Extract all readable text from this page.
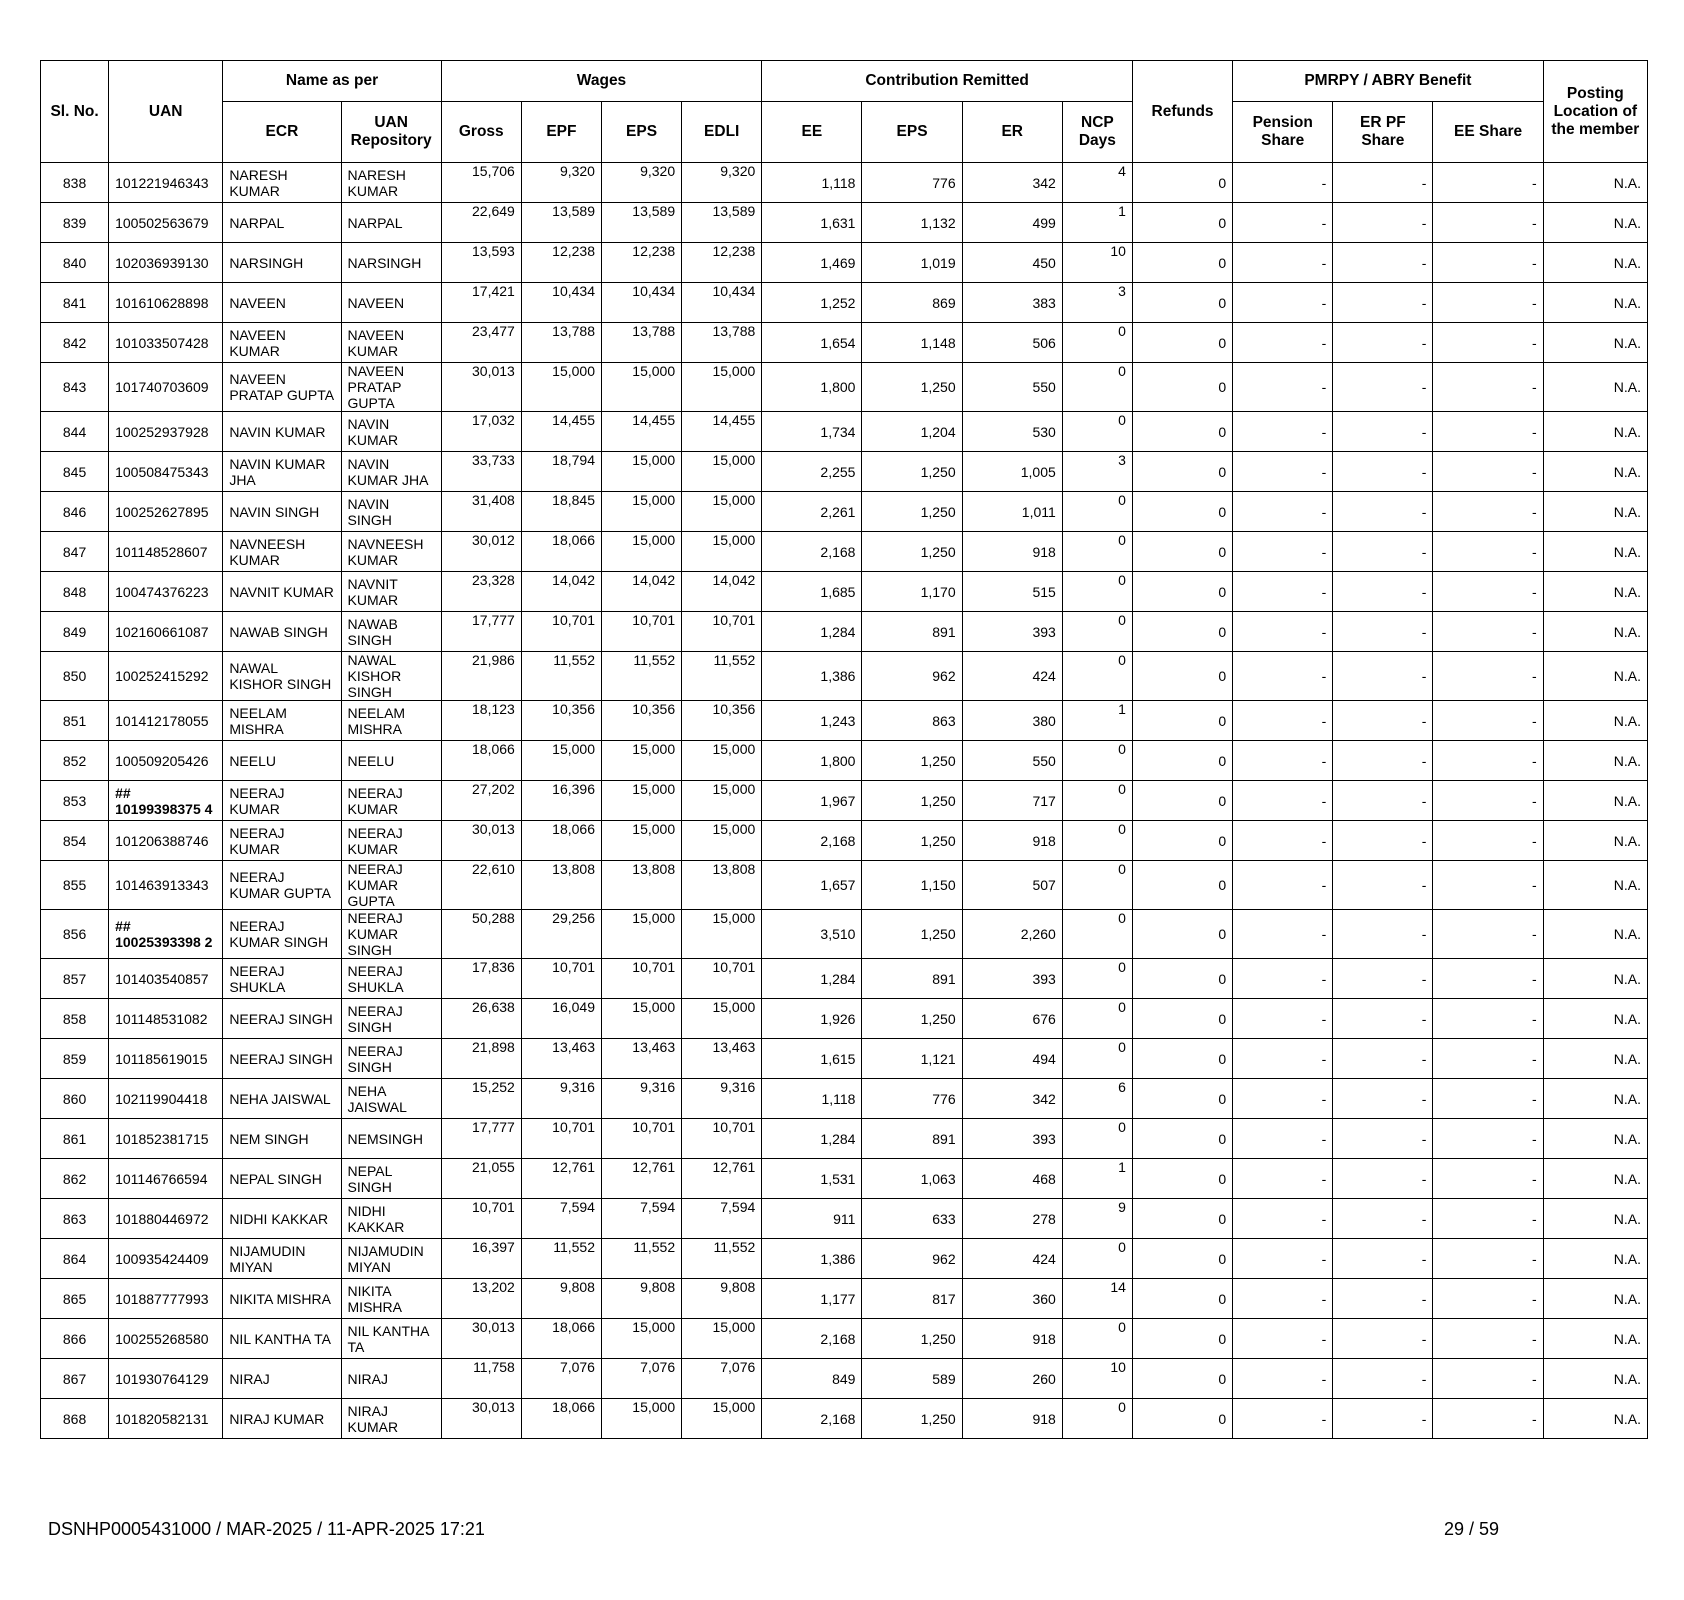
Sl. No.	UAN	Name as per		Wages				Contribution Remitted				Refunds	PMRPY / ABRY Benefit			Posting Location of the member
		ECR	UAN Repository	Gross	EPF	EPS	EDLI	EE	EPS	ER	NCP Days		Pension Share	ER PF Share	EE Share	
838	101221946343	NARESH KUMAR	NARESH KUMAR	15,706	9,320	9,320	9,320	1,118	776	342	4	0	-	-	-	N.A.
839	100502563679	NARPAL	NARPAL	22,649	13,589	13,589	13,589	1,631	1,132	499	1	0	-	-	-	N.A.
840	102036939130	NARSINGH	NARSINGH	13,593	12,238	12,238	12,238	1,469	1,019	450	10	0	-	-	-	N.A.
841	101610628898	NAVEEN	NAVEEN	17,421	10,434	10,434	10,434	1,252	869	383	3	0	-	-	-	N.A.
842	101033507428	NAVEEN KUMAR	NAVEEN KUMAR	23,477	13,788	13,788	13,788	1,654	1,148	506	0	0	-	-	-	N.A.
843	101740703609	NAVEEN PRATAP GUPTA	NAVEEN PRATAP GUPTA	30,013	15,000	15,000	15,000	1,800	1,250	550	0	0	-	-	-	N.A.
844	100252937928	NAVIN KUMAR	NAVIN KUMAR	17,032	14,455	14,455	14,455	1,734	1,204	530	0	0	-	-	-	N.A.
845	100508475343	NAVIN KUMAR JHA	NAVIN KUMAR JHA	33,733	18,794	15,000	15,000	2,255	1,250	1,005	3	0	-	-	-	N.A.
846	100252627895	NAVIN SINGH	NAVIN SINGH	31,408	18,845	15,000	15,000	2,261	1,250	1,011	0	0	-	-	-	N.A.
847	101148528607	NAVNEESH KUMAR	NAVNEESH KUMAR	30,012	18,066	15,000	15,000	2,168	1,250	918	0	0	-	-	-	N.A.
848	100474376223	NAVNIT KUMAR	NAVNIT KUMAR	23,328	14,042	14,042	14,042	1,685	1,170	515	0	0	-	-	-	N.A.
849	102160661087	NAWAB SINGH	NAWAB SINGH	17,777	10,701	10,701	10,701	1,284	891	393	0	0	-	-	-	N.A.
850	100252415292	NAWAL KISHOR SINGH	NAWAL KISHOR SINGH	21,986	11,552	11,552	11,552	1,386	962	424	0	0	-	-	-	N.A.
851	101412178055	NEELAM MISHRA	NEELAM MISHRA	18,123	10,356	10,356	10,356	1,243	863	380	1	0	-	-	-	N.A.
852	100509205426	NEELU	NEELU	18,066	15,000	15,000	15,000	1,800	1,250	550	0	0	-	-	-	N.A.
853	## 10199398375 4	NEERAJ KUMAR	NEERAJ KUMAR	27,202	16,396	15,000	15,000	1,967	1,250	717	0	0	-	-	-	N.A.
854	101206388746	NEERAJ KUMAR	NEERAJ KUMAR	30,013	18,066	15,000	15,000	2,168	1,250	918	0	0	-	-	-	N.A.
855	101463913343	NEERAJ KUMAR GUPTA	NEERAJ KUMAR GUPTA	22,610	13,808	13,808	13,808	1,657	1,150	507	0	0	-	-	-	N.A.
856	## 10025393398 2	NEERAJ KUMAR SINGH	NEERAJ KUMAR SINGH	50,288	29,256	15,000	15,000	3,510	1,250	2,260	0	0	-	-	-	N.A.
857	101403540857	NEERAJ SHUKLA	NEERAJ SHUKLA	17,836	10,701	10,701	10,701	1,284	891	393	0	0	-	-	-	N.A.
858	101148531082	NEERAJ SINGH	NEERAJ SINGH	26,638	16,049	15,000	15,000	1,926	1,250	676	0	0	-	-	-	N.A.
859	101185619015	NEERAJ SINGH	NEERAJ SINGH	21,898	13,463	13,463	13,463	1,615	1,121	494	0	0	-	-	-	N.A.
860	102119904418	NEHA JAISWAL	NEHA JAISWAL	15,252	9,316	9,316	9,316	1,118	776	342	6	0	-	-	-	N.A.
861	101852381715	NEM SINGH	NEMSINGH	17,777	10,701	10,701	10,701	1,284	891	393	0	0	-	-	-	N.A.
862	101146766594	NEPAL SINGH	NEPAL SINGH	21,055	12,761	12,761	12,761	1,531	1,063	468	1	0	-	-	-	N.A.
863	101880446972	NIDHI KAKKAR	NIDHI KAKKAR	10,701	7,594	7,594	7,594	911	633	278	9	0	-	-	-	N.A.
864	100935424409	NIJAMUDIN MIYAN	NIJAMUDIN MIYAN	16,397	11,552	11,552	11,552	1,386	962	424	0	0	-	-	-	N.A.
865	101887777993	NIKITA MISHRA	NIKITA MISHRA	13,202	9,808	9,808	9,808	1,177	817	360	14	0	-	-	-	N.A.
866	100255268580	NIL KANTHA TA	NIL KANTHA TA	30,013	18,066	15,000	15,000	2,168	1,250	918	0	0	-	-	-	N.A.
867	101930764129	NIRAJ	NIRAJ	11,758	7,076	7,076	7,076	849	589	260	10	0	-	-	-	N.A.
868	101820582131	NIRAJ KUMAR	NIRAJ KUMAR	30,013	18,066	15,000	15,000	2,168	1,250	918	0	0	-	-	-	N.A.
DSNHP0005431000 / MAR-2025 / 11-APR-2025 17:21	29 / 59
